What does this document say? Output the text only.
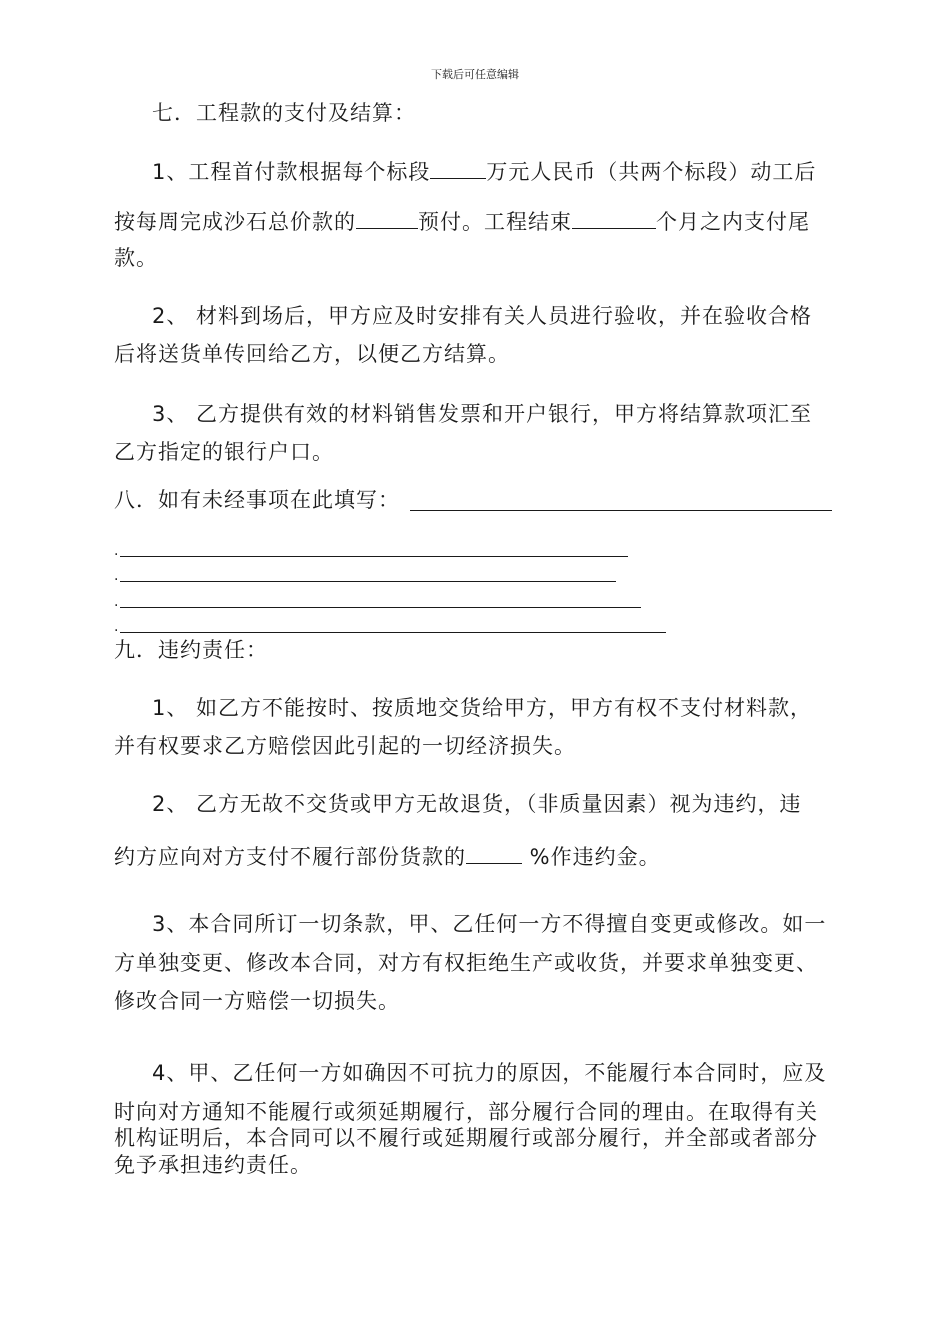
下载后可任意编辑
七．工程款的支付及结算：
1、工程首付款根据每个标段	万元人民币（共两个标段）动工后
按每周完成沙石总价款的	预付。工程结束	个月之内支付尾
款。
2、 材料到场后，甲方应及时安排有关人员进行验收，并在验收合格
后将送货单传回给乙方，以便乙方结算。
3、 乙方提供有效的材料销售发票和开户银行，甲方将结算款项汇至
乙方指定的银行户口。
八．如有未经事项在此填写：
.
.
.
.
九．违约责任：
1、 如乙方不能按时、按质地交货给甲方，甲方有权不支付材料款，
并有权要求乙方赔偿因此引起的一切经济损失。
2、 乙方无故不交货或甲方无故退货，（非质量因素）视为违约，违
约方应向对方支付不履行部份货款的	%作违约金。
3、本合同所订一切条款，甲、乙任何一方不得擅自变更或修改。如一
方单独变更、修改本合同，对方有权拒绝生产或收货，并要求单独变更、
修改合同一方赔偿一切损失。
4、甲、乙任何一方如确因不可抗力的原因，不能履行本合同时，应及
时向对方通知不能履行或须延期履行，部分履行合同的理由。在取得有关
机构证明后，本合同可以不履行或延期履行或部分履行，并全部或者部分
免予承担违约责任。
